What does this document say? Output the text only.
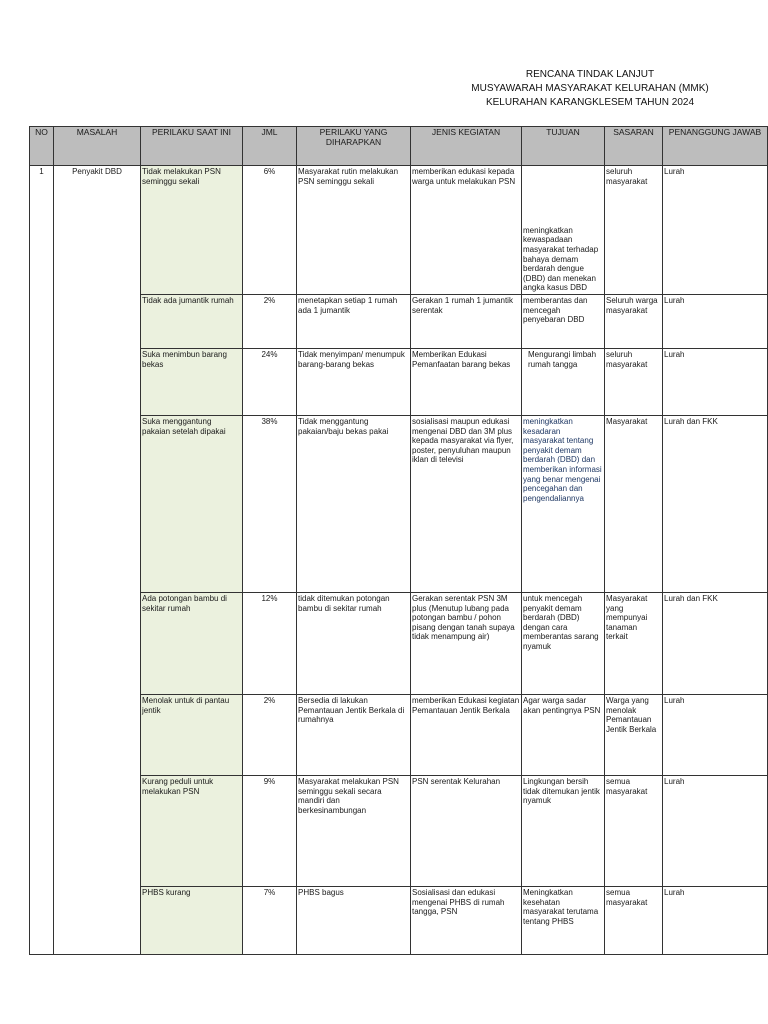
RENCANA TINDAK LANJUT
MUSYAWARAH MASYARAKAT KELURAHAN (MMK)
KELURAHAN KARANGKLESEM TAHUN 2024
NO	MASALAH	PERILAKU SAAT INI	JML	PERILAKU YANG DIHARAPKAN	JENIS KEGIATAN	TUJUAN	SASARAN	PENANGGUNG JAWAB
1	Penyakit DBD	Tidak melakukan PSN seminggu sekali	6%	Masyarakat rutin melakukan PSN seminggu sekali	memberikan edukasi kepada warga untuk melakukan PSN	meningkatkan kewaspadaan masyarakat terhadap bahaya demam berdarah dengue (DBD) dan menekan angka kasus DBD	seluruh masyarakat	Lurah
		Tidak ada jumantik rumah	2%	menetapkan setiap 1 rumah ada 1 jumantik	Gerakan 1 rumah 1 jumantik serentak	memberantas dan mencegah penyebaran DBD	Seluruh warga masyarakat	Lurah
		Suka menimbun barang bekas	24%	Tidak menyimpan/ menumpuk barang-barang bekas	Memberikan Edukasi Pemanfaatan barang bekas	Mengurangi limbah rumah tangga	seluruh masyarakat	Lurah
		Suka menggantung pakaian setelah dipakai	38%	Tidak menggantung pakaian/baju bekas pakai	sosialisasi maupun edukasi mengenai DBD dan 3M plus kepada masyarakat via flyer, poster, penyuluhan maupun iklan di televisi	meningkatkan kesadaran masyarakat tentang penyakit demam berdarah (DBD) dan memberikan informasi yang benar mengenai pencegahan dan pengendaliannya	Masyarakat	Lurah dan FKK
		Ada potongan bambu di sekitar rumah	12%	tidak ditemukan potongan bambu di sekitar rumah	Gerakan serentak PSN 3M plus (Menutup lubang pada potongan bambu / pohon pisang dengan tanah supaya tidak menampung air)	untuk mencegah penyakit demam berdarah (DBD) dengan cara memberantas sarang nyamuk	Masyarakat yang mempunyai tanaman terkait	Lurah dan FKK
		Menolak untuk di pantau jentik	2%	Bersedia di lakukan Pemantauan Jentik Berkala di rumahnya	memberikan Edukasi kegiatan Pemantauan Jentik Berkala	Agar warga sadar akan pentingnya PSN	Warga yang menolak Pemantauan Jentik Berkala	Lurah
		Kurang peduli untuk melakukan PSN	9%	Masyarakat melakukan PSN seminggu sekali secara mandiri dan berkesinambungan	PSN serentak Kelurahan	Lingkungan bersih tidak ditemukan jentik nyamuk	semua masyarakat	Lurah
		PHBS kurang	7%	PHBS bagus	Sosialisasi dan edukasi mengenai PHBS di rumah tangga, PSN	Meningkatkan kesehatan masyarakat terutama tentang PHBS	semua masyarakat	Lurah
